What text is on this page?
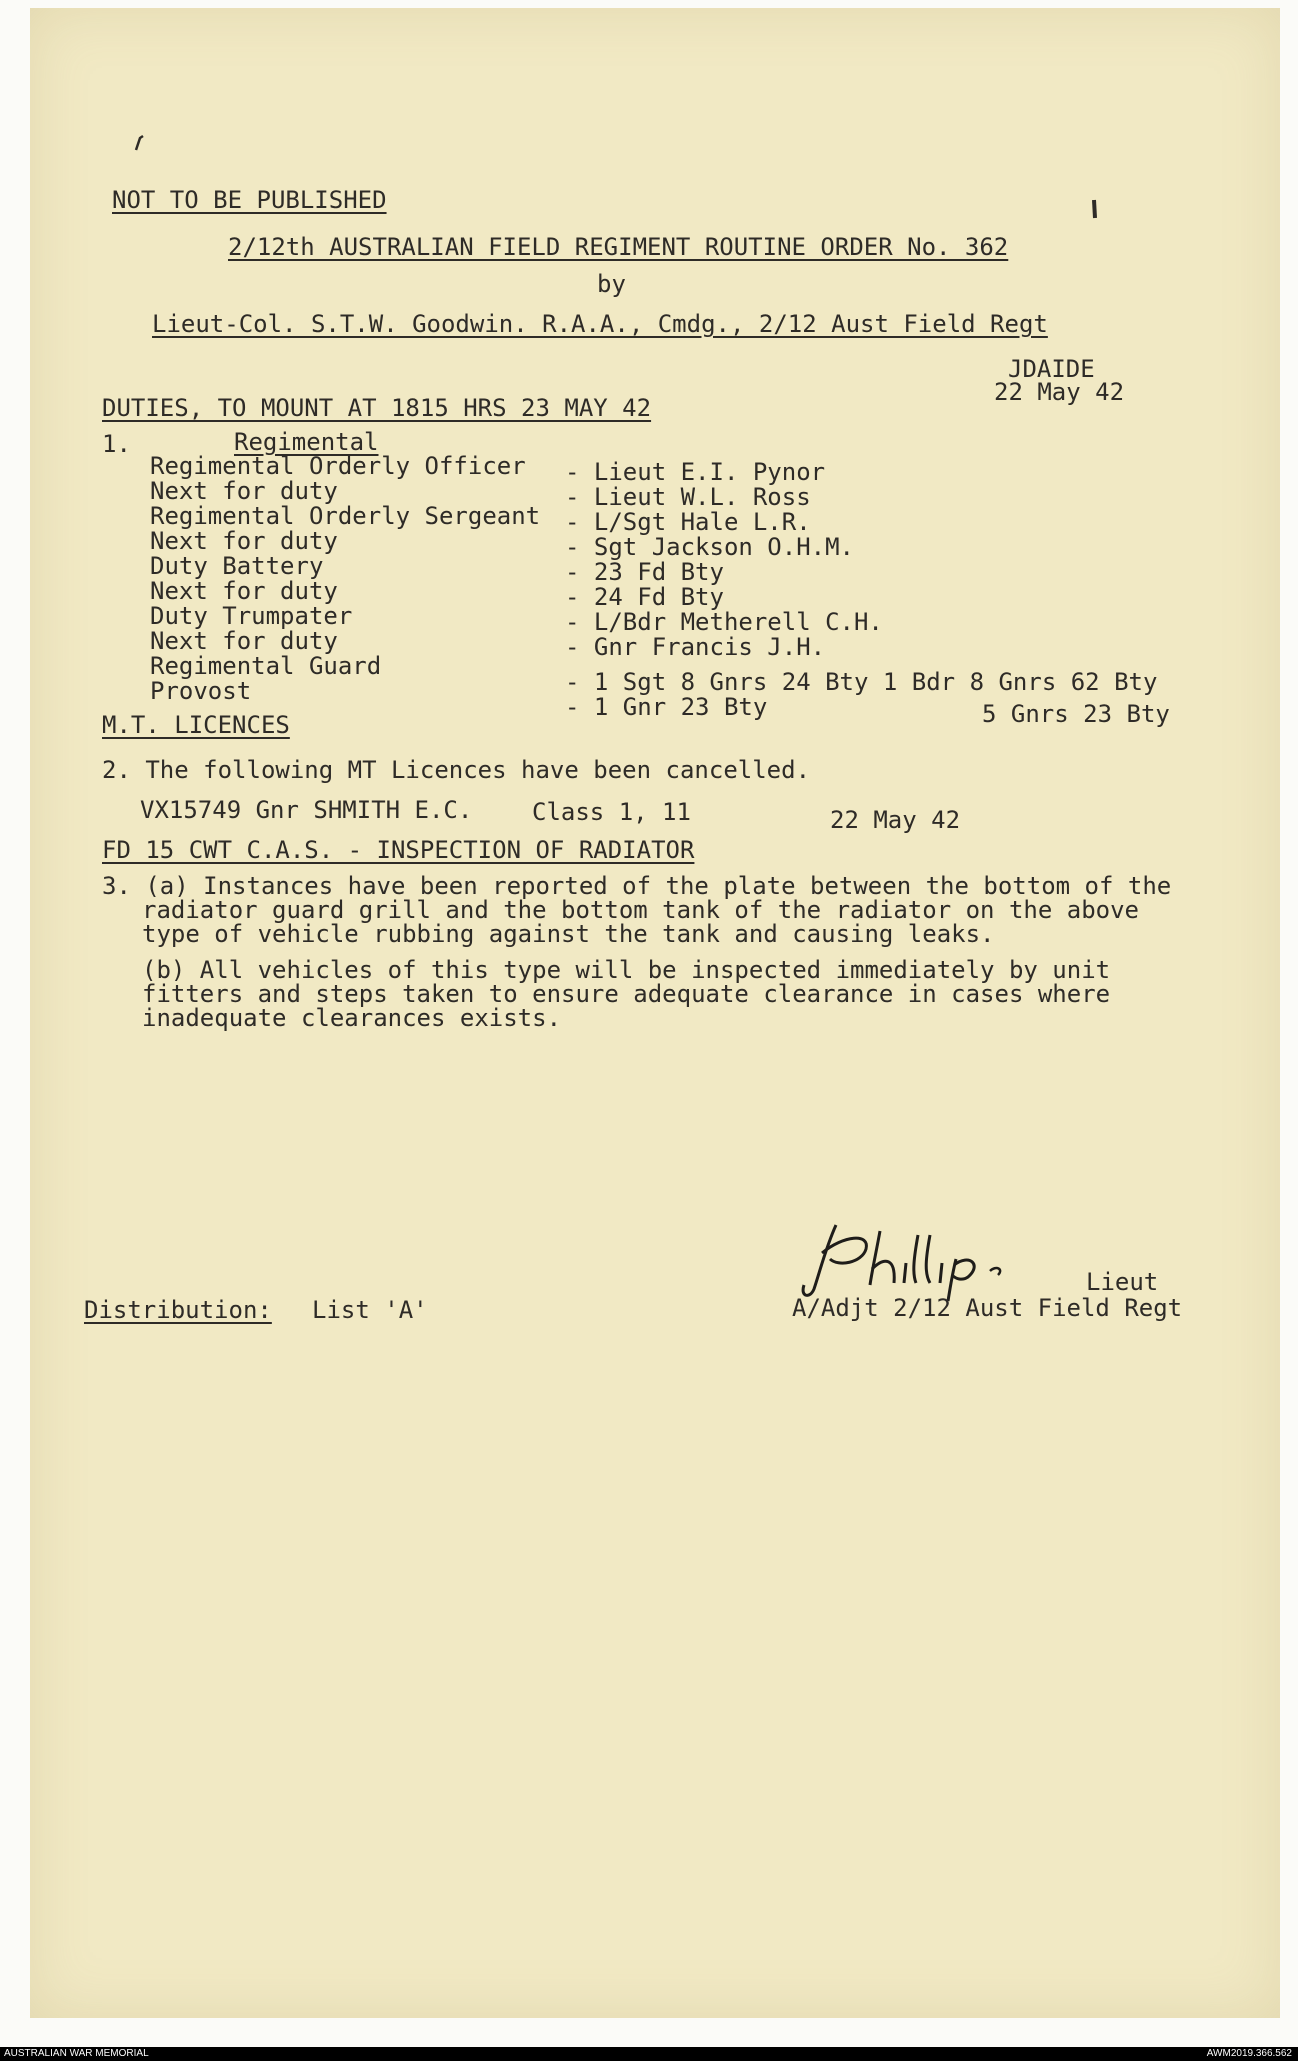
NOT TO BE PUBLISHED
2/12th AUSTRALIAN FIELD REGIMENT ROUTINE ORDER No. 362
by
Lieut-Col. S.T.W. Goodwin. R.A.A., Cmdg., 2/12 Aust Field Regt
JDAIDE
22 May 42
DUTIES, TO MOUNT AT 1815 HRS 23 MAY 42
1.	Regimental
Regimental Orderly Officer - Lieut E.I. Pynor
Next for duty	- Lieut W.L. Ross
Regimental Orderly Sergeant - L/Sgt Hale L.R.
Next for duty	- Sgt Jackson O.H.M.
Duty Battery	- 23 Fd Bty
Next for duty	- 24 Fd Bty
Duty Trumpater	- L/Bdr Metherell C.H.
Next for duty	- Gnr Francis J.H.
Regimental Guard
- 1 Sgt 8 Gnrs 24 Bty 1 Bdr 8 Gnrs 62 Bty
Provost
- 1 Gnr 23 Bty	5 Gnrs 23 Bty
M.T. LICENCES
2. The following MT Licences have been cancelled.
VX15749 Gnr SHMITH E.C. Class 1, 11	22 May 42
FD 15 CWT C.A.S. - INSPECTION OF RADIATOR
3. (a) Instances have been reported of the plate between the bottom of the
radiator guard grill and the bottom tank of the radiator on the above
type of vehicle rubbing against the tank and causing leaks.
(b) All vehicles of this type will be inspected immediately by unit
fitters and steps taken to ensure adequate clearance in cases where
inadequate clearances exists.
Lieut
A/Adjt 2/12 Aust Field Regt
Distribution: List 'A'
AUSTRALIAN WAR MEMORIAL	AWM2019.366.562
